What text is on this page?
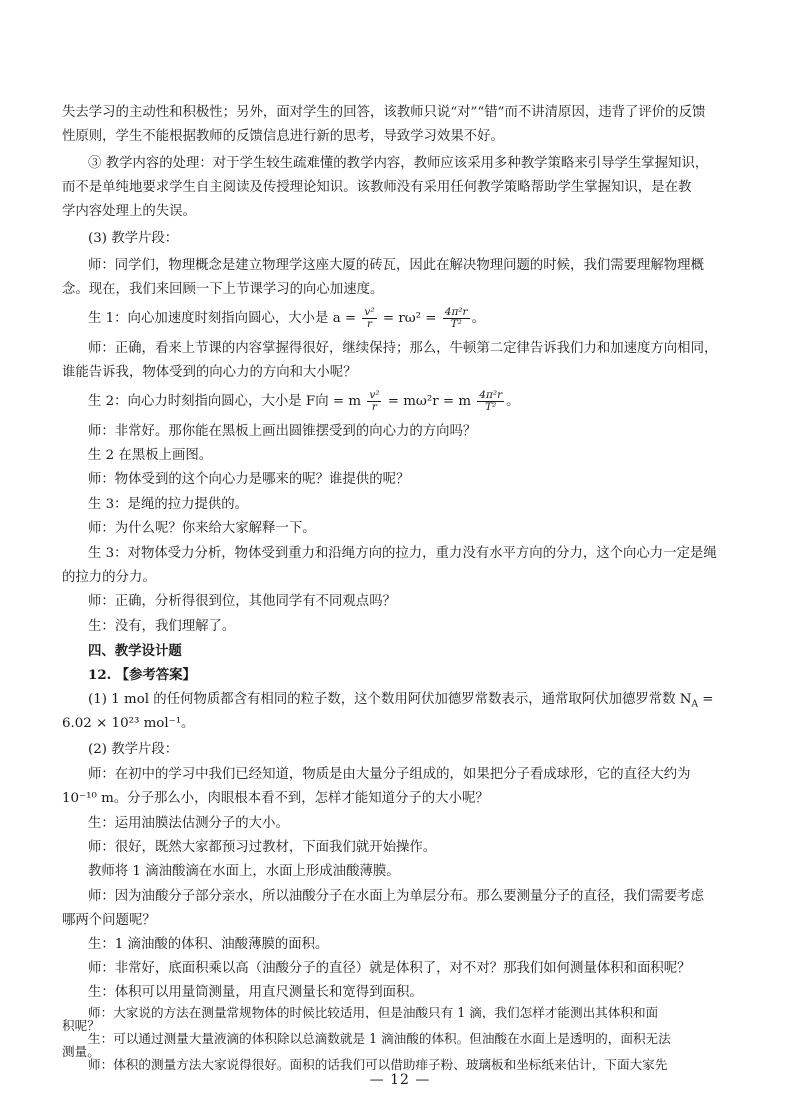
失去学习的主动性和积极性；另外，面对学生的回答，该教师只说“对”“错”而不讲清原因，违背了评价的反馈
性原则，学生不能根据教师的反馈信息进行新的思考，导致学习效果不好。
③ 教学内容的处理：对于学生较生疏难懂的教学内容，教师应该采用多种教学策略来引导学生掌握知识，
而不是单纯地要求学生自主阅读及传授理论知识。该教师没有采用任何教学策略帮助学生掌握知识，是在教
学内容处理上的失误。
(3) 教学片段：
师：同学们，物理概念是建立物理学这座大厦的砖瓦，因此在解决物理问题的时候，我们需要理解物理概
念。现在，我们来回顾一下上节课学习的向心加速度。
生 1：向心加速度时刻指向圆心，大小是 $a = \frac{\text{v²}}{r} = r\omega^2 = \frac{\text{4π²r}}{\text{T²}}$ 。
师：正确，看来上节课的内容掌握得很好，继续保持；那么，牛顿第二定律告诉我们力和加速度方向相同，
谁能告诉我，物体受到的向心力的方向和大小呢？
生 2：向心力时刻指向圆心，大小是 F向 = m $\frac{\text{v²}}{r} = m\omega^2r = m \frac{\text{4π²r}}{\text{T²}}$ 。
师：非常好。那你能在黑板上画出圆锥摆受到的向心力的方向吗？
生 2 在黑板上画图。
师：物体受到的这个向心力是哪来的呢？谁提供的呢？
生 3：是绳的拉力提供的。
师：为什么呢？你来给大家解释一下。
生 3：对物体受力分析，物体受到重力和沿绳方向的拉力，重力没有水平方向的分力，这个向心力一定是绳
的拉力的分力。
师：正确，分析得很到位，其他同学有不同观点吗？
生：没有，我们理解了。
四、教学设计题
12. 【参考答案】
(1) 1 mol 的任何物质都含有相同的粒子数，这个数用阿伏加德罗常数表示，通常取阿伏加德罗常数 $N_A$ =
6.02 × 10²³ mol⁻¹。
(2) 教学片段：
师：在初中的学习中我们已经知道，物质是由大量分子组成的，如果把分子看成球形，它的直径大约为
10⁻¹⁰ m。分子那么小，肉眼根本看不到，怎样才能知道分子的大小呢？
生：运用油膜法估测分子的大小。
师：很好，既然大家都预习过教材，下面我们就开始操作。
教师将 1 滴油酸滴在水面上，水面上形成油酸薄膜。
师：因为油酸分子部分亲水，所以油酸分子在水面上为单层分布。那么要测量分子的直径，我们需要考虑
哪两个问题呢？
生：1 滴油酸的体积、油酸薄膜的面积。
师：非常好，底面积乘以高（油酸分子的直径）就是体积了，对不对？那我们如何测量体积和面积呢？
生：体积可以用量筒测量，用直尺测量长和宽得到面积。
— 12 —
师：大家说的方法在测量常规物体的时候比较适用，但是油酸只有 1 滴，我们怎样才能测出其体积和面
积呢？
生：可以通过测量大量液滴的体积除以总滴数就是 1 滴油酸的体积。但油酸在水面上是透明的，面积无法
测量。
师：体积的测量方法大家说得很好。面积的话我们可以借助痱子粉、玻璃板和坐标纸来估计，下面大家先
